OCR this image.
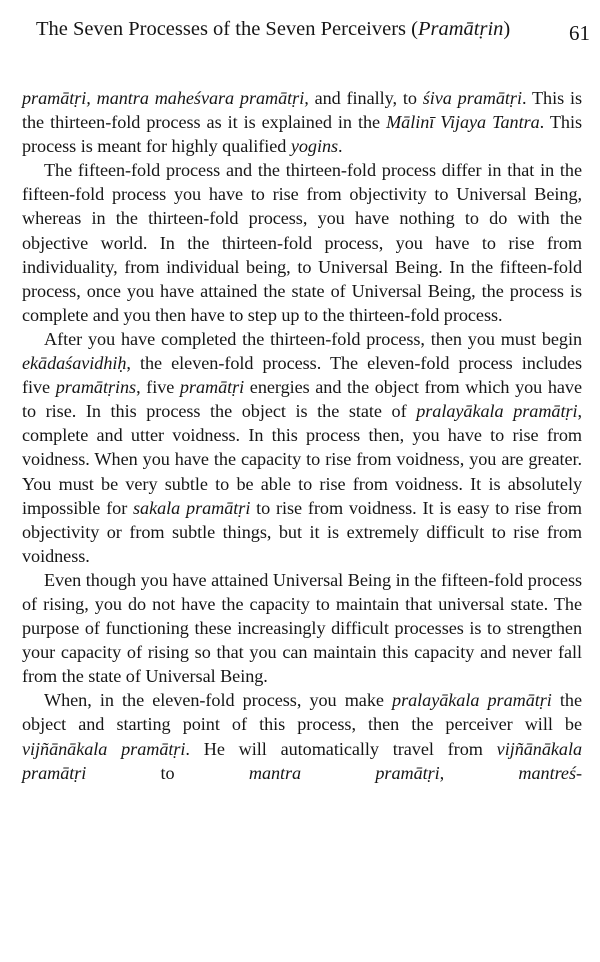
The Seven Processes of the Seven Perceivers (Pramātṛin)	61

pramātṛi, mantra maheśvara pramātṛi, and finally, to śiva pramātṛi. This is the thirteen-fold process as it is explained in the Mālinī Vijaya Tantra. This process is meant for highly qualified yogins.

The fifteen-fold process and the thirteen-fold process differ in that in the fifteen-fold process you have to rise from objectivity to Universal Being, whereas in the thirteen-fold process, you have nothing to do with the objective world. In the thirteen-fold process, you have to rise from individuality, from individual being, to Universal Being. In the fifteen-fold process, once you have attained the state of Universal Being, the process is complete and you then have to step up to the thirteen-fold process.

After you have completed the thirteen-fold process, then you must begin ekādaśavidhiḥ, the eleven-fold process. The eleven-fold process includes five pramātṛins, five pramātṛi energies and the object from which you have to rise. In this process the object is the state of pralayākala pramātṛi, complete and utter voidness. In this process then, you have to rise from voidness. When you have the capacity to rise from voidness, you are greater. You must be very subtle to be able to rise from voidness. It is absolutely impossible for sakala pramātṛi to rise from voidness. It is easy to rise from objectivity or from subtle things, but it is extremely difficult to rise from voidness.

Even though you have attained Universal Being in the fifteen-fold process of rising, you do not have the capacity to maintain that universal state. The purpose of functioning these increasingly difficult processes is to strengthen your capacity of rising so that you can maintain this capacity and never fall from the state of Universal Being.

When, in the eleven-fold process, you make pralayākala pramātṛi the object and starting point of this process, then the perceiver will be vijñānākala pramātṛi. He will automatically travel from vijñānākala pramātṛi to mantra pramātṛi, mantreś-
